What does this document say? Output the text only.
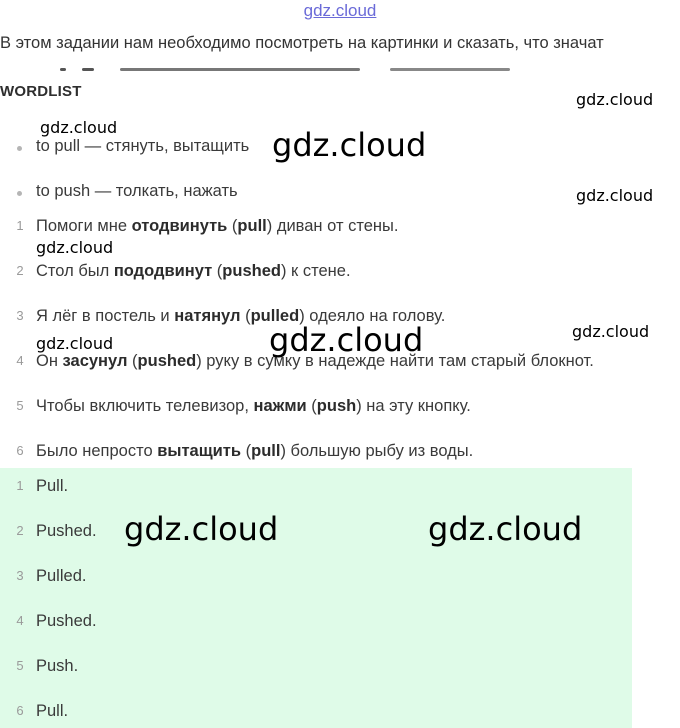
gdz.cloud
В этом задании нам необходимо посмотреть на картинки и сказать, что значат
WORDLIST
to pull — стянуть, вытащить
to push — толкать, нажать
1 Помоги мне отодвинуть (pull) диван от стены.
2 Стол был пододвинут (pushed) к стене.
3 Я лёг в постель и натянул (pulled) одеяло на голову.
4 Он засунул (pushed) руку в сумку в надежде найти там старый блокнот.
5 Чтобы включить телевизор, нажми (push) на эту кнопку.
6 Было непросто вытащить (pull) большую рыбу из воды.
1 Pull.
2 Pushed.
3 Pulled.
4 Pushed.
5 Push.
6 Pull.
gdz.cloud
gdz.cloud	gdz.cloud
gdz.cloud
gdz.cloud
gdz.cloud	gdz.cloud
gdz.cloud
gdz.cloud	gdz.cloud
